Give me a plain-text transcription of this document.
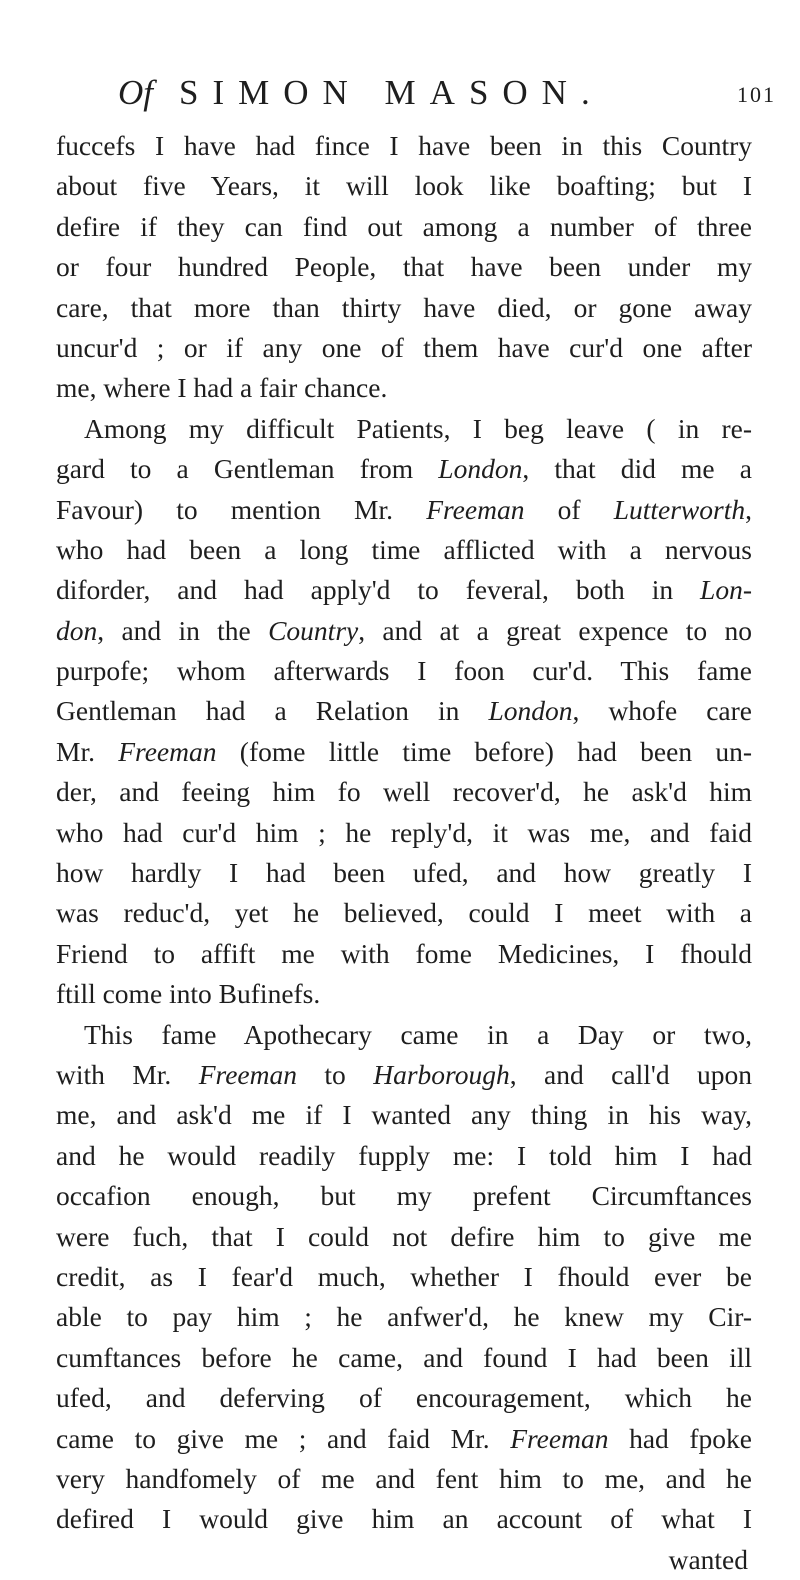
Of SIMON MASON.	101
fuccefs I have had fince I have been in this Country
about five Years, it will look like boafting; but I
defire if they can find out among a number of three
or four hundred People, that have been under my
care, that more than thirty have died, or gone away
uncur'd ; or if any one of them have cur'd one after
me, where I had a fair chance.
Among my difficult Patients, I beg leave ( in re-
gard to a Gentleman from London, that did me a
Favour) to mention Mr. Freeman of Lutterworth,
who had been a long time afflicted with a nervous
diforder, and had apply'd to feveral, both in Lon-
don, and in the Country, and at a great expence to no
purpofe; whom afterwards I foon cur'd. This fame
Gentleman had a Relation in London, whofe care
Mr. Freeman (fome little time before) had been un-
der, and feeing him fo well recover'd, he ask'd him
who had cur'd him ; he reply'd, it was me, and faid
how hardly I had been ufed, and how greatly I
was reduc'd, yet he believed, could I meet with a
Friend to affift me with fome Medicines, I fhould
ftill come into Bufinefs.
This fame Apothecary came in a Day or two,
with Mr. Freeman to Harborough, and call'd upon
me, and ask'd me if I wanted any thing in his way,
and he would readily fupply me: I told him I had
occafion enough, but my prefent Circumftances
were fuch, that I could not defire him to give me
credit, as I fear'd much, whether I fhould ever be
able to pay him ; he anfwer'd, he knew my Cir-
cumftances before he came, and found I had been ill
ufed, and deferving of encouragement, which he
came to give me ; and faid Mr. Freeman had fpoke
very handfomely of me and fent him to me, and he
defired I would give him an account of what I
wanted
